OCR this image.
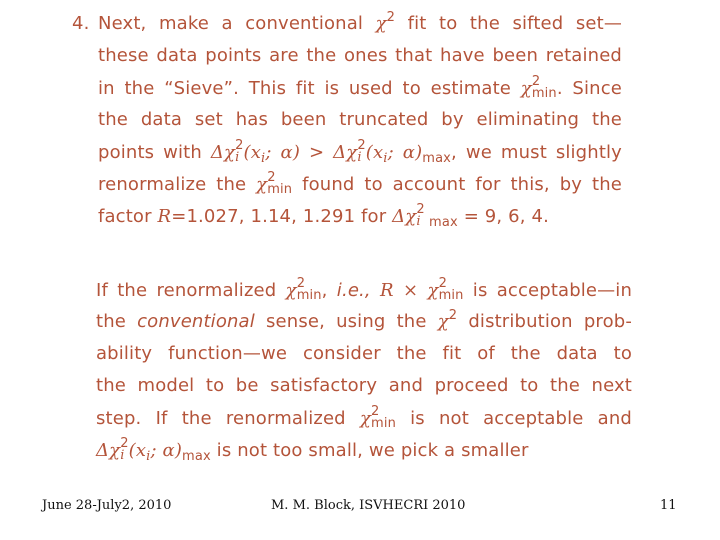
4. Next, make a conventional $\chi^2$ fit to the sifted set—
these data points are the ones that have been retained
in the “Sieve”. This fit is used to estimate χ 2
min . Since
the data set has been truncated by eliminating the
points with Δχ 2
i ($x_i$; α) > Δχ 2
i ($x_i$; $\alpha)_{max}$, we must slightly
renormalize the χ 2
min found to account for this, by the
factor R=1.027, 1.14, 1.291 for Δχ 2
i $_{max}$ = 9, 6, 4.
If the renormalized χ 2
min , i.e., R × χ 2
min is acceptable—in
the conventional sense, using the $\chi^2$ distribution prob-
ability function—we consider the fit of the data to
the model to be satisfactory and proceed to the next
step. If the renormalized χ 2
min is not acceptable and
Δχ 2
i ($x_i$; $\alpha)_{max}$ is not too small, we pick a smaller
June 28-July2, 2010	M. M. Block, ISVHECRI 2010	11
